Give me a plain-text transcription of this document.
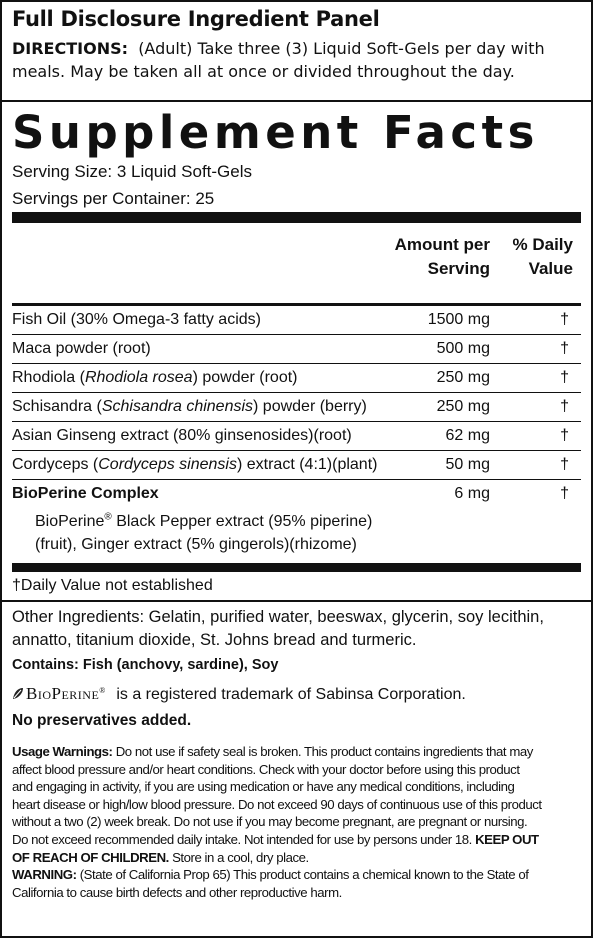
Full Disclosure Ingredient Panel
DIRECTIONS: (Adult) Take three (3) Liquid Soft-Gels per day with
meals. May be taken all at once or divided throughout the day.
Supplement Facts
Serving Size: 3 Liquid Soft-Gels
Servings per Container: 25
Amount per
Serving
% Daily
Value
Fish Oil (30% Omega-3 fatty acids)	1500 mg	†
Maca powder (root)	500 mg	†
Rhodiola (Rhodiola rosea) powder (root)	250 mg	†
Schisandra (Schisandra chinensis) powder (berry)	250 mg	†
Asian Ginseng extract (80% ginsenosides)(root)	62 mg	†
Cordyceps (Cordyceps sinensis) extract (4:1)(plant)	50 mg	†
BioPerine Complex	6 mg	†
BioPerine® Black Pepper extract (95% piperine)
(fruit), Ginger extract (5% gingerols)(rhizome)
†Daily Value not established
Other Ingredients: Gelatin, purified water, beeswax, glycerin, soy lecithin,
annatto, titanium dioxide, St. Johns bread and turmeric.
Contains: Fish (anchovy, sardine), Soy
BioPerine® is a registered trademark of Sabinsa Corporation.
No preservatives added.
Usage Warnings: Do not use if safety seal is broken. This product contains ingredients that may
affect blood pressure and/or heart conditions. Check with your doctor before using this product
and engaging in activity, if you are using medication or have any medical conditions, including
heart disease or high/low blood pressure. Do not exceed 90 days of continuous use of this product
without a two (2) week break. Do not use if you may become pregnant, are pregnant or nursing.
Do not exceed recommended daily intake. Not intended for use by persons under 18. KEEP OUT
OF REACH OF CHILDREN. Store in a cool, dry place.
WARNING: (State of California Prop 65) This product contains a chemical known to the State of
California to cause birth defects and other reproductive harm.
